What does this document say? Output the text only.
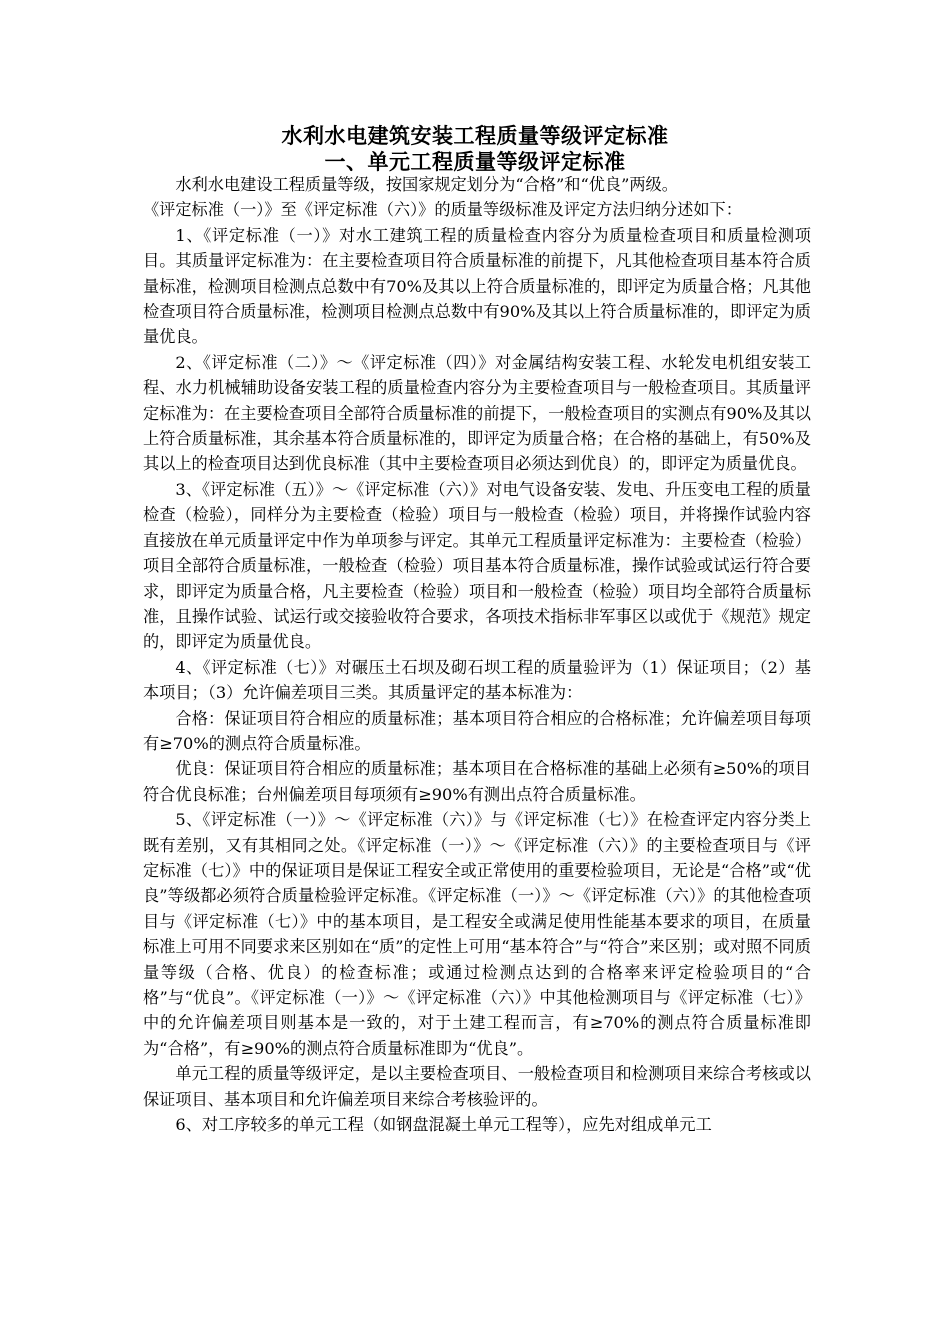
水利水电建筑安装工程质量等级评定标准
一、单元工程质量等级评定标准

水利水电建设工程质量等级，按国家规定划分为“合格”和“优良”两级。

《评定标准（一）》至《评定标准（六）》的质量等级标准及评定方法归纳分述如下：

1、《评定标准（一）》对水工建筑工程的质量检查内容分为质量检查项目和质量检测项目。其质量评定标准为：在主要检查项目符合质量标准的前提下，凡其他检查项目基本符合质量标准，检测项目检测点总数中有70%及其以上符合质量标准的，即评定为质量合格；凡其他检查项目符合质量标准，检测项目检测点总数中有90%及其以上符合质量标准的，即评定为质量优良。

2、《评定标准（二）》～《评定标准（四）》对金属结构安装工程、水轮发电机组安装工程、水力机械辅助设备安装工程的质量检查内容分为主要检查项目与一般检查项目。其质量评定标准为：在主要检查项目全部符合质量标准的前提下，一般检查项目的实测点有90%及其以上符合质量标准，其余基本符合质量标准的，即评定为质量合格；在合格的基础上，有50%及其以上的检查项目达到优良标准（其中主要检查项目必须达到优良）的，即评定为质量优良。

3、《评定标准（五）》～《评定标准（六）》对电气设备安装、发电、升压变电工程的质量检查（检验），同样分为主要检查（检验）项目与一般检查（检验）项目，并将操作试验内容直接放在单元质量评定中作为单项参与评定。其单元工程质量评定标准为：主要检查（检验）项目全部符合质量标准，一般检查（检验）项目基本符合质量标准，操作试验或试运行符合要求，即评定为质量合格，凡主要检查（检验）项目和一般检查（检验）项目均全部符合质量标准，且操作试验、试运行或交接验收符合要求，各项技术指标非军事区以或优于《规范》规定的，即评定为质量优良。

4、《评定标准（七）》对碾压土石坝及砌石坝工程的质量验评为（1）保证项目；（2）基本项目；（3）允许偏差项目三类。其质量评定的基本标准为：

合格：保证项目符合相应的质量标准；基本项目符合相应的合格标准；允许偏差项目每项有≥70%的测点符合质量标准。

优良：保证项目符合相应的质量标准；基本项目在合格标准的基础上必须有≥50%的项目符合优良标准；台州偏差项目每项须有≥90%有测出点符合质量标准。

5、《评定标准（一）》～《评定标准（六）》与《评定标准（七）》在检查评定内容分类上既有差别，又有其相同之处。《评定标准（一）》～《评定标准（六）》的主要检查项目与《评定标准（七）》中的保证项目是保证工程安全或正常使用的重要检验项目，无论是“合格”或“优良”等级都必须符合质量检验评定标准。《评定标准（一）》～《评定标准（六）》的其他检查项目与《评定标准（七）》中的基本项目，是工程安全或满足使用性能基本要求的项目，在质量标准上可用不同要求来区别如在“质”的定性上可用“基本符合”与“符合”来区别；或对照不同质量等级（合格、优良）的检查标准；或通过检测点达到的合格率来评定检验项目的“合格”与“优良”。《评定标准（一）》～《评定标准（六）》中其他检测项目与《评定标准（七）》中的允许偏差项目则基本是一致的，对于土建工程而言，有≥70%的测点符合质量标准即为“合格”，有≥90%的测点符合质量标准即为“优良”。

单元工程的质量等级评定，是以主要检查项目、一般检查项目和检测项目来综合考核或以保证项目、基本项目和允许偏差项目来综合考核验评的。

6、对工序较多的单元工程（如钢盘混凝土单元工程等），应先对组成单元工
